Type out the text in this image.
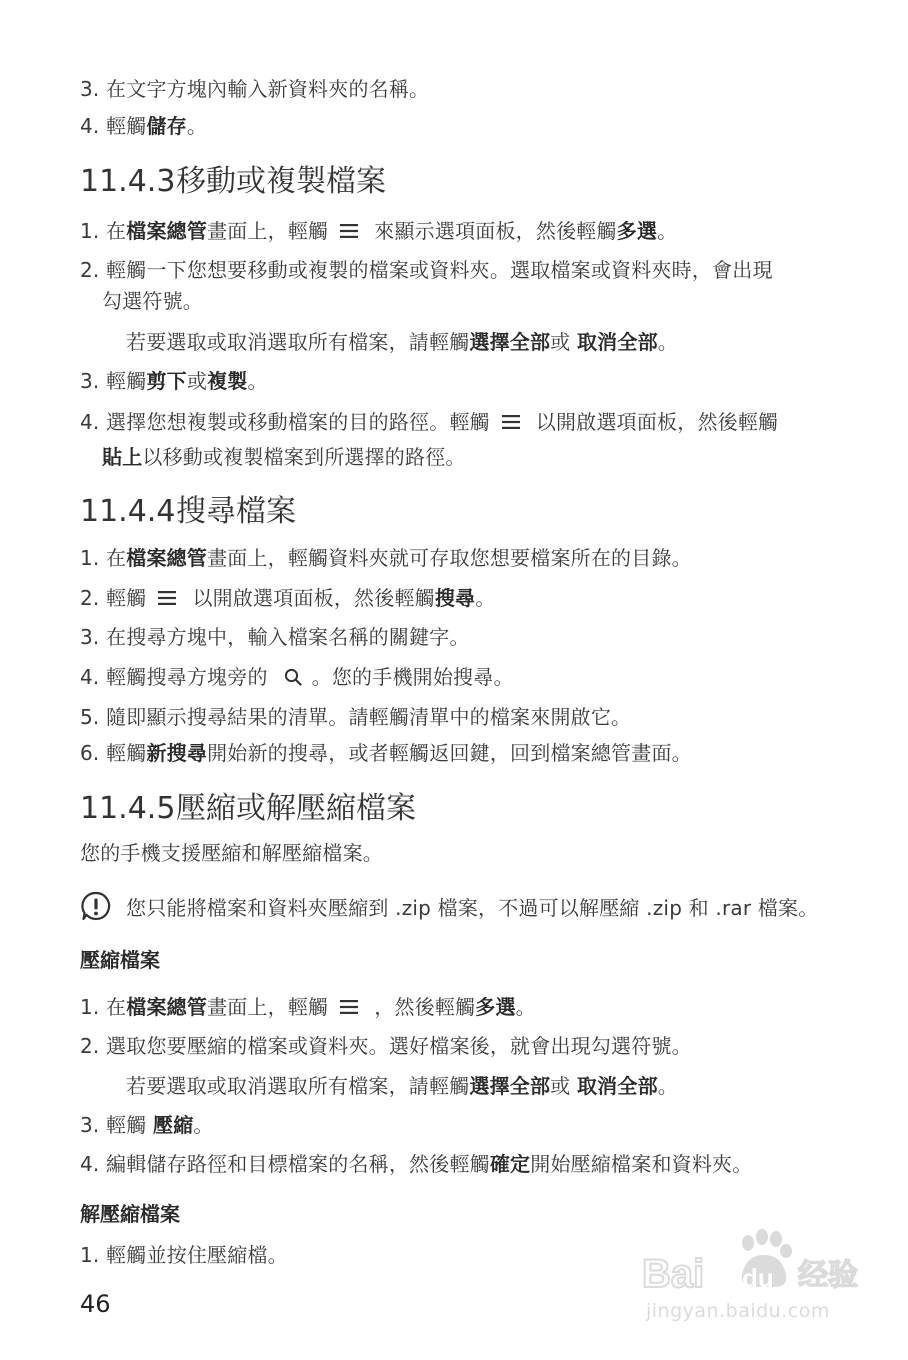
3. 在文字方塊內輸入新資料夾的名稱。
4. 輕觸儲存。
11.4.3移動或複製檔案
1. 在檔案總管畫面上，輕觸 來顯示選項面板，然後輕觸多選。
2. 輕觸一下您想要移動或複製的檔案或資料夾。選取檔案或資料夾時，會出現
勾選符號。
若要選取或取消選取所有檔案，請輕觸選擇全部或 取消全部。
3. 輕觸剪下或複製。
4. 選擇您想複製或移動檔案的目的路徑。輕觸 以開啟選項面板，然後輕觸
貼上以移動或複製檔案到所選擇的路徑。
11.4.4搜尋檔案
1. 在檔案總管畫面上，輕觸資料夾就可存取您想要檔案所在的目錄。
2. 輕觸 以開啟選項面板，然後輕觸搜尋。
3. 在搜尋方塊中，輸入檔案名稱的關鍵字。
4. 輕觸搜尋方塊旁的 。您的手機開始搜尋。
5. 隨即顯示搜尋結果的清單。請輕觸清單中的檔案來開啟它。
6. 輕觸新搜尋開始新的搜尋，或者輕觸返回鍵，回到檔案總管畫面。
11.4.5壓縮或解壓縮檔案
您的手機支援壓縮和解壓縮檔案。
您只能將檔案和資料夾壓縮到 .zip 檔案，不過可以解壓縮 .zip 和 .rar 檔案。
壓縮檔案
1. 在檔案總管畫面上，輕觸 ，然後輕觸多選。
2. 選取您要壓縮的檔案或資料夾。選好檔案後，就會出現勾選符號。
若要選取或取消選取所有檔案，請輕觸選擇全部或 取消全部。
3. 輕觸 壓縮。
4. 編輯儲存路徑和目標檔案的名稱，然後輕觸確定開始壓縮檔案和資料夾。
解壓縮檔案
1. 輕觸並按住壓縮檔。
46
Bai du 经验
jingyan.baidu.com
